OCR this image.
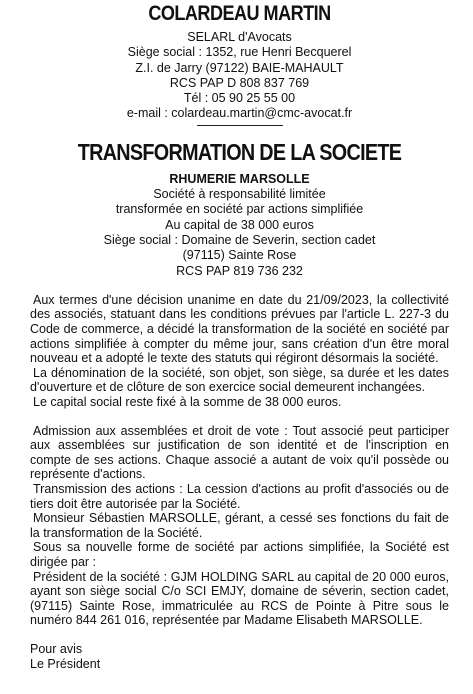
COLARDEAU MARTIN
SELARL d'Avocats
Siège social : 1352, rue Henri Becquerel
Z.I. de Jarry (97122) BAIE-MAHAULT
RCS PAP D 808 837 769
Tél : 05 90 25 55 00
e-mail : colardeau.martin@cmc-avocat.fr
TRANSFORMATION DE LA SOCIETE
RHUMERIE MARSOLLE
Société à responsabilité limitée
transformée en société par actions simplifiée
Au capital de 38 000 euros
Siège social : Domaine de Severin, section cadet
(97115) Sainte Rose
RCS PAP 819 736 232

Aux termes d'une décision unanime en date du 21/09/2023, la collectivité des associés, statuant dans les conditions prévues par l'article L. 227-3 du Code de commerce, a décidé la transformation de la société en société par actions simplifiée à compter du même jour, sans création d'un être moral nouveau et a adopté le texte des statuts qui régiront désormais la société.

La dénomination de la société, son objet, son siège, sa durée et les dates d'ouverture et de clôture de son exercice social demeurent inchangées.

Le capital social reste fixé à la somme de 38 000 euros.

Admission aux assemblées et droit de vote : Tout associé peut participer aux assemblées sur justification de son identité et de l'inscription en compte de ses actions. Chaque associé a autant de voix qu'il possède ou représente d'actions.

Transmission des actions : La cession d'actions au profit d'associés ou de tiers doit être autorisée par la Société.

Monsieur Sébastien MARSOLLE, gérant, a cessé ses fonctions du fait de la transformation de la Société.

Sous sa nouvelle forme de société par actions simplifiée, la Société est dirigée par :

Président de la société : GJM HOLDING SARL au capital de 20 000 euros, ayant son siège social C/o SCI EMJY, domaine de séverin, section cadet, (97115) Sainte Rose, immatriculée au RCS de Pointe à Pitre sous le numéro 844 261 016, représentée par Madame Elisabeth MARSOLLE.

Pour avis
Le Président
